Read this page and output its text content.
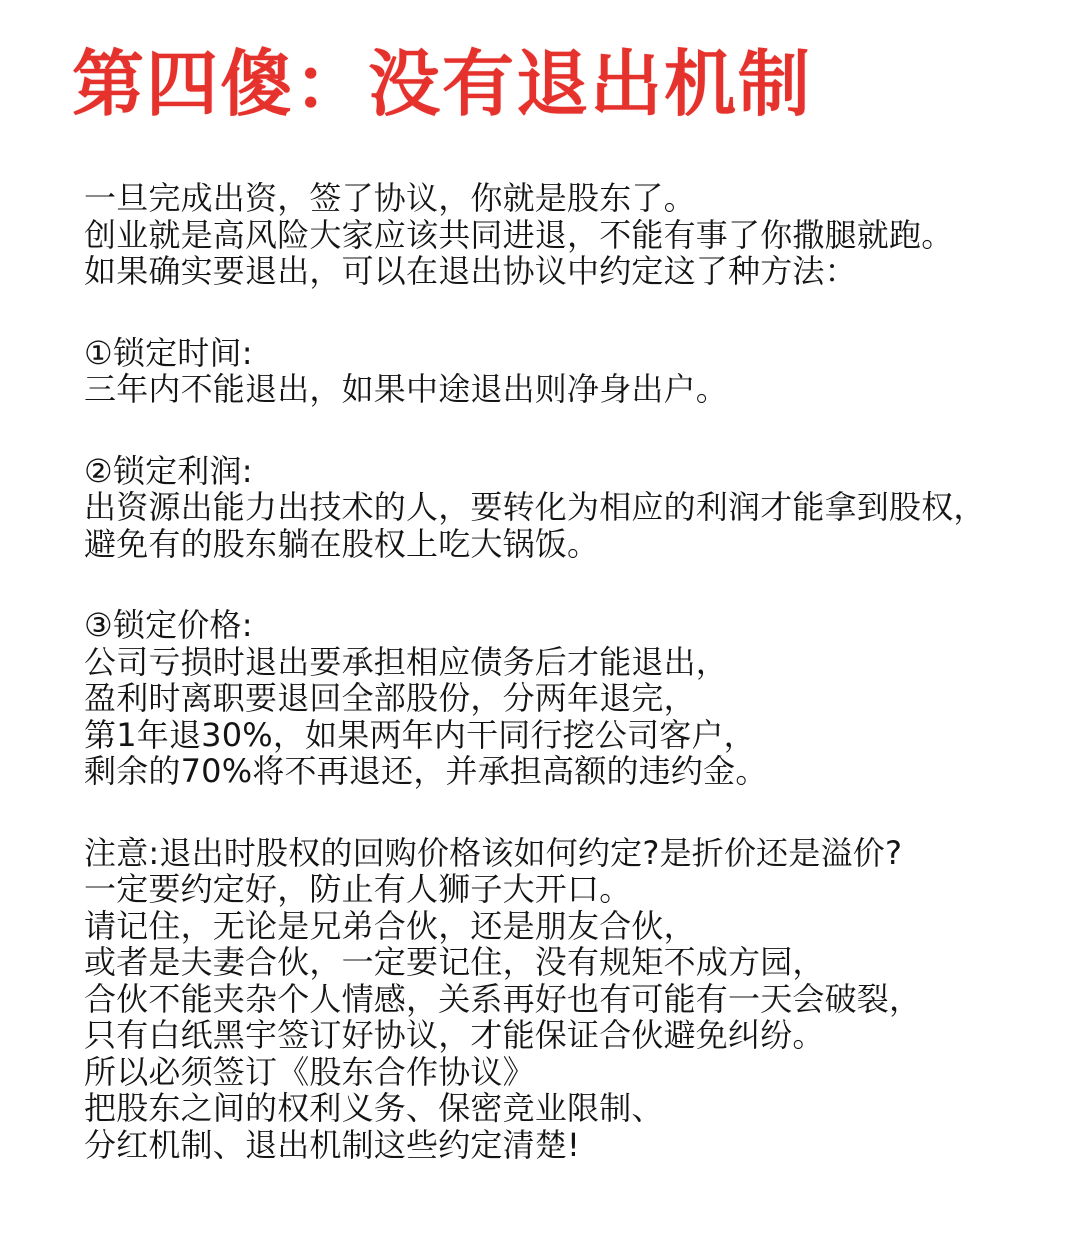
第四傻：没有退出机制
一旦完成出资，签了协议，你就是股东了。
创业就是高风险大家应该共同进退，不能有事了你撒腿就跑。
如果确实要退出，可以在退出协议中约定这了种方法：
①锁定时间:
三年内不能退出，如果中途退出则净身出户。
②锁定利润:
出资源出能力出技术的人，要转化为相应的利润才能拿到股权，
避免有的股东躺在股权上吃大锅饭。
③锁定价格:
公司亏损时退出要承担相应债务后才能退出，
盈利时离职要退回全部股份，分两年退完，
第1年退30%，如果两年内干同行挖公司客户，
剩余的70%将不再退还，并承担高额的违约金。
注意:退出时股权的回购价格该如何约定?是折价还是溢价?
一定要约定好，防止有人狮子大开口。
请记住，无论是兄弟合伙，还是朋友合伙，
或者是夫妻合伙，一定要记住，没有规矩不成方园，
合伙不能夹杂个人情感，关系再好也有可能有一天会破裂，
只有白纸黑宇签订好协议，才能保证合伙避免纠纷。
所以必须签订《股东合作协议》
把股东之间的权利义务、保密竞业限制、
分红机制、退出机制这些约定清楚!
